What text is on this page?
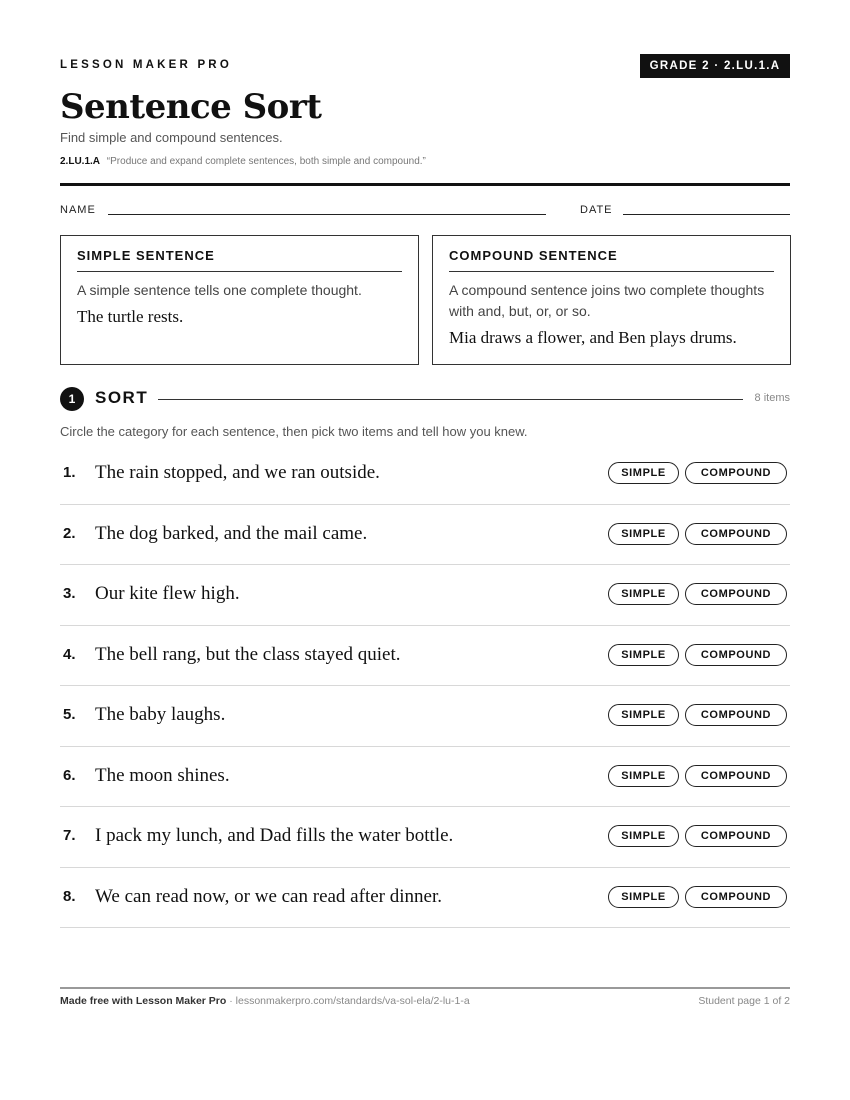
LESSON MAKER PRO	GRADE 2 · 2.LU.1.A
Sentence Sort
Find simple and compound sentences.
2.LU.1.A “Produce and expand complete sentences, both simple and compound.”
NAME	DATE
SIMPLE SENTENCE
A simple sentence tells one complete thought.
The turtle rests.
COMPOUND SENTENCE
A compound sentence joins two complete thoughts with and, but, or, or so.
Mia draws a flower, and Ben plays drums.
1	SORT	8 items
Circle the category for each sentence, then pick two items and tell how you knew.
1. The rain stopped, and we ran outside.	SIMPLE	COMPOUND
2. The dog barked, and the mail came.	SIMPLE	COMPOUND
3. Our kite flew high.	SIMPLE	COMPOUND
4. The bell rang, but the class stayed quiet.	SIMPLE	COMPOUND
5. The baby laughs.	SIMPLE	COMPOUND
6. The moon shines.	SIMPLE	COMPOUND
7. I pack my lunch, and Dad fills the water bottle.	SIMPLE	COMPOUND
8. We can read now, or we can read after dinner.	SIMPLE	COMPOUND
Made free with Lesson Maker Pro · lessonmakerpro.com/standards/va-sol-ela/2-lu-1-a	Student page 1 of 2
